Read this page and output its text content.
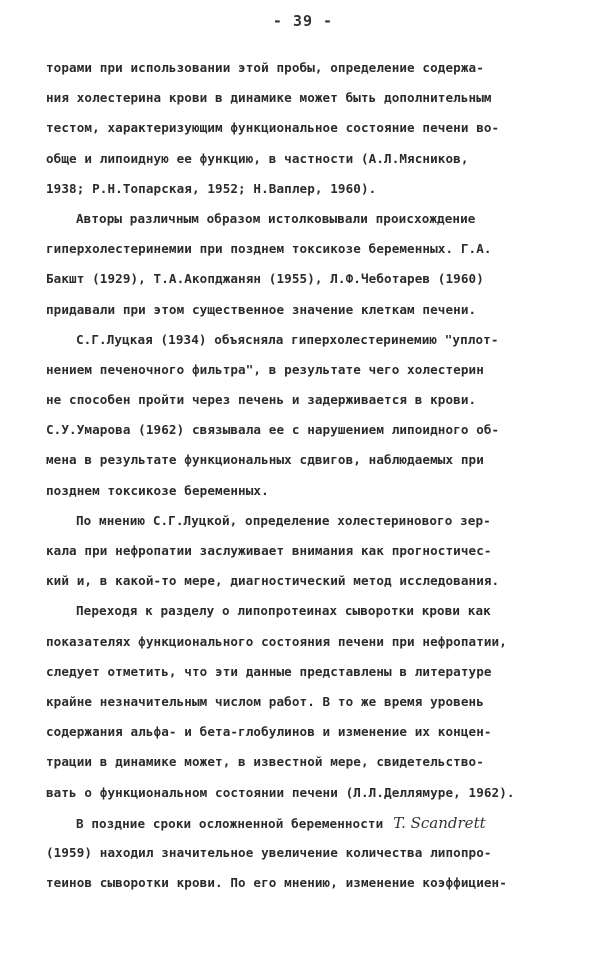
- 39 -
торами при использовании этой пробы, определение содержа-
ния холестерина крови в динамике может быть дополнительным
тестом, характеризующим функциональное состояние печени во-
обще и липоидную ее функцию, в частности (А.Л.Мясников,
1938; Р.Н.Топарская, 1952; Н.Ваплер, 1960).
Авторы различным образом истолковывали происхождение
гиперхолестеринемии при позднем токсикозе беременных. Г.А.
Бакшт (1929), Т.А.Акопджанян (1955), Л.Ф.Чеботарев (1960)
придавали при этом существенное значение клеткам печени.
С.Г.Луцкая (1934) объясняла гиперхолестеринемию "уплот-
нением печеночного фильтра", в результате чего холестерин
не способен пройти через печень и задерживается в крови.
С.У.Умарова (1962) связывала ее с нарушением липоидного об-
мена в результате функциональных сдвигов, наблюдаемых при
позднем токсикозе беременных.
По мнению С.Г.Луцкой, определение холестеринового зер-
кала при нефропатии заслуживает внимания как прогностичес-
кий и, в какой-то мере, диагностический метод исследования.
Переходя к разделу о липопротеинах сыворотки крови как
показателях функционального состояния печени при нефропатии,
следует отметить, что эти данные представлены в литературе
крайне незначительным числом работ. В то же время уровень
содержания альфа- и бета-глобулинов и изменение их концен-
трации в динамике может, в известной мере, свидетельство-
вать о функциональном состоянии печени (Л.Л.Деллямуре, 1962).
В поздние сроки осложненной беременности T. Scandrett
(1959) находил значительное увеличение количества липопро-
теинов сыворотки крови. По его мнению, изменение коэффициен-
